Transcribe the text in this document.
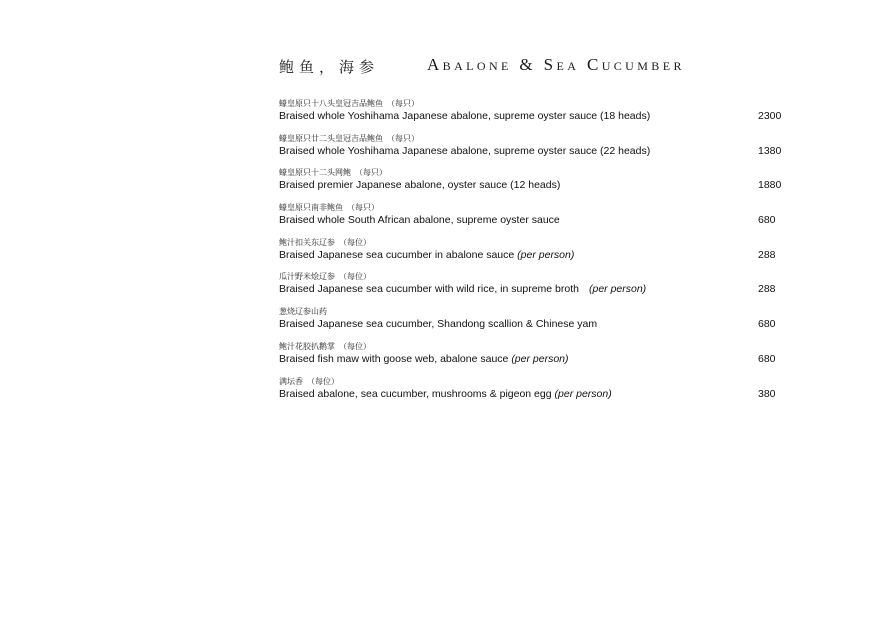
鲍鱼，海参	Abalone & Sea Cucumber
蠔皇原只十八头皇冠吉品鲍鱼 （每只）
Braised whole Yoshihama Japanese abalone, supreme oyster sauce (18 heads)	2300
蠔皇原只廿二头皇冠吉品鲍鱼 （每只）
Braised whole Yoshihama Japanese abalone, supreme oyster sauce (22 heads)	1380
蠔皇原只十二头网鲍 （每只）
Braised premier Japanese abalone, oyster sauce (12 heads)	1880
蠔皇原只南非鲍鱼 （每只）
Braised whole South African abalone, supreme oyster sauce	680
鲍汁扣关东辽参 （每位）
Braised Japanese sea cucumber in abalone sauce (per person)	288
瓜汁野米烩辽参 （每位）
Braised Japanese sea cucumber with wild rice, in supreme broth (per person)	288
葱烧辽参山药
Braised Japanese sea cucumber, Shandong scallion & Chinese yam	680
鲍汁花胶扒鹅掌 （每位）
Braised fish maw with goose web, abalone sauce (per person)	680
满坛香 （每位）
Braised abalone, sea cucumber, mushrooms & pigeon egg (per person)	380
